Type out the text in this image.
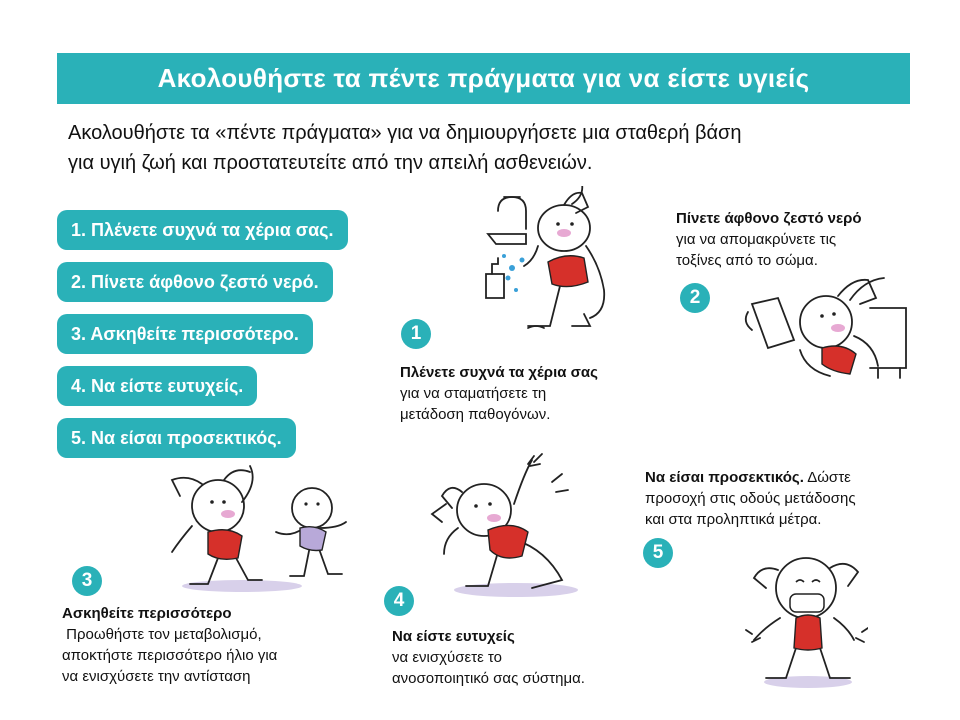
Ακολουθήστε τα πέντε πράγματα για να είστε υγιείς
Ακολουθήστε τα «πέντε πράγματα» για να δημιουργήσετε μια σταθερή βάση
για υγιή ζωή και προστατευτείτε από την απειλή ασθενειών.
1. Πλένετε συχνά τα χέρια σας.
2. Πίνετε άφθονο ζεστό νερό.
3. Ασκηθείτε περισσότερο.
4. Να είστε ευτυχείς.
5. Να είσαι προσεκτικός.
1
2
3
4
5
Πλένετε συχνά τα χέρια σας
για να σταματήσετε τη
μετάδοση παθογόνων.
Πίνετε άφθονο ζεστό νερό
για να απομακρύνετε τις
τοξίνες από το σώμα.
Ασκηθείτε περισσότερο
Προωθήστε τον μεταβολισμό,
αποκτήστε περισσότερο ήλιο για
να ενισχύσετε την αντίσταση
Να είστε ευτυχείς
να ενισχύσετε το
ανοσοποιητικό σας σύστημα.
Να είσαι προσεκτικός. Δώστε
προσοχή στις οδούς μετάδοσης
και στα προληπτικά μέτρα.
